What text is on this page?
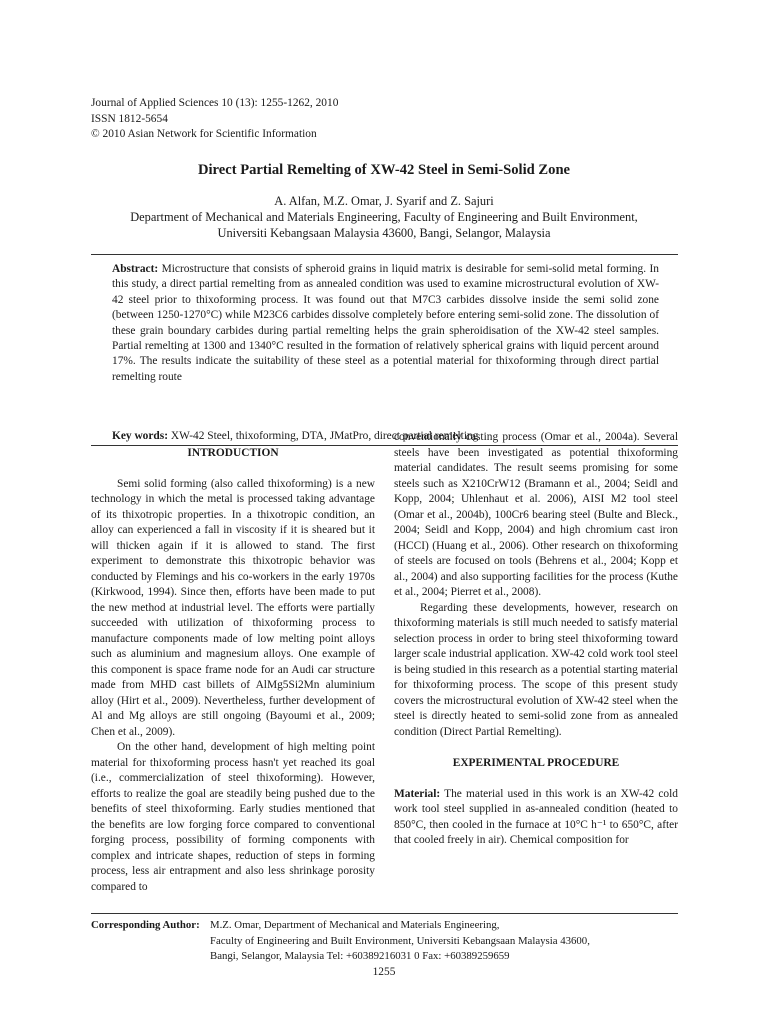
Journal of Applied Sciences 10 (13): 1255-1262, 2010
ISSN 1812-5654
© 2010 Asian Network for Scientific Information
Direct Partial Remelting of XW-42 Steel in Semi-Solid Zone
A. Alfan, M.Z. Omar, J. Syarif and Z. Sajuri
Department of Mechanical and Materials Engineering, Faculty of Engineering and Built Environment,
Universiti Kebangsaan Malaysia 43600, Bangi, Selangor, Malaysia
Abstract: Microstructure that consists of spheroid grains in liquid matrix is desirable for semi-solid metal forming. In this study, a direct partial remelting from as annealed condition was used to examine microstructural evolution of XW-42 steel prior to thixoforming process. It was found out that M7C3 carbides dissolve inside the semi solid zone (between 1250-1270°C) while M23C6 carbides dissolve completely before entering semi-solid zone. The dissolution of these grain boundary carbides during partial remelting helps the grain spheroidisation of the XW-42 steel samples. Partial remelting at 1300 and 1340°C resulted in the formation of relatively spherical grains with liquid percent around 17%. The results indicate the suitability of these steel as a potential material for thixoforming through direct partial remelting route
Key words: XW-42 Steel, thixoforming, DTA, JMatPro, direct partial remelting
INTRODUCTION

Semi solid forming (also called thixoforming) is a new technology in which the metal is processed taking advantage of its thixotropic properties. In a thixotropic condition, an alloy can experienced a fall in viscosity if it is sheared but it will thicken again if it is allowed to stand. The first experiment to demonstrate this thixotropic behavior was conducted by Flemings and his co-workers in the early 1970s (Kirkwood, 1994). Since then, efforts have been made to put the new method at industrial level. The efforts were partially succeeded with utilization of thixoforming process to manufacture components made of low melting point alloys such as aluminium and magnesium alloys. One example of this component is space frame node for an Audi car structure made from MHD cast billets of AlMg5Si2Mn aluminium alloy (Hirt et al., 2009). Nevertheless, further development of Al and Mg alloys are still ongoing (Bayoumi et al., 2009; Chen et al., 2009).

On the other hand, development of high melting point material for thixoforming process hasn't yet reached its goal (i.e., commercialization of steel thixoforming). However, efforts to realize the goal are steadily being pushed due to the benefits of steel thixoforming. Early studies mentioned that the benefits are low forging force compared to conventional forging process, possibility of forming components with complex and intricate shapes, reduction of steps in forming process, less air entrapment and also less shrinkage porosity compared to

conventionally casting process (Omar et al., 2004a). Several steels have been investigated as potential thixoforming material candidates. The result seems promising for some steels such as X210CrW12 (Bramann et al., 2004; Seidl and Kopp, 2004; Uhlenhaut et al. 2006), AISI M2 tool steel (Omar et al., 2004b), 100Cr6 bearing steel (Bulte and Bleck., 2004; Seidl and Kopp, 2004) and high chromium cast iron (HCCI) (Huang et al., 2006). Other research on thixoforming of steels are focused on tools (Behrens et al., 2004; Kopp et al., 2004) and also supporting facilities for the process (Kuthe et al., 2004; Pierret et al., 2008).

Regarding these developments, however, research on thixoforming materials is still much needed to satisfy material selection process in order to bring steel thixoforming toward larger scale industrial application. XW-42 cold work tool steel is being studied in this research as a potential starting material for thixoforming process. The scope of this present study covers the microstructural evolution of XW-42 steel when the steel is directly heated to semi-solid zone from as annealed condition (Direct Partial Remelting).

EXPERIMENTAL PROCEDURE

Material: The material used in this work is an XW-42 cold work tool steel supplied in as-annealed condition (heated to 850°C, then cooled in the furnace at 10°C h⁻¹ to 650°C, after that cooled freely in air). Chemical composition for

Corresponding Author: M.Z. Omar, Department of Mechanical and Materials Engineering,
Faculty of Engineering and Built Environment, Universiti Kebangsaan Malaysia 43600,
Bangi, Selangor, Malaysia Tel: +60389216031 0 Fax: +60389259659
1255
